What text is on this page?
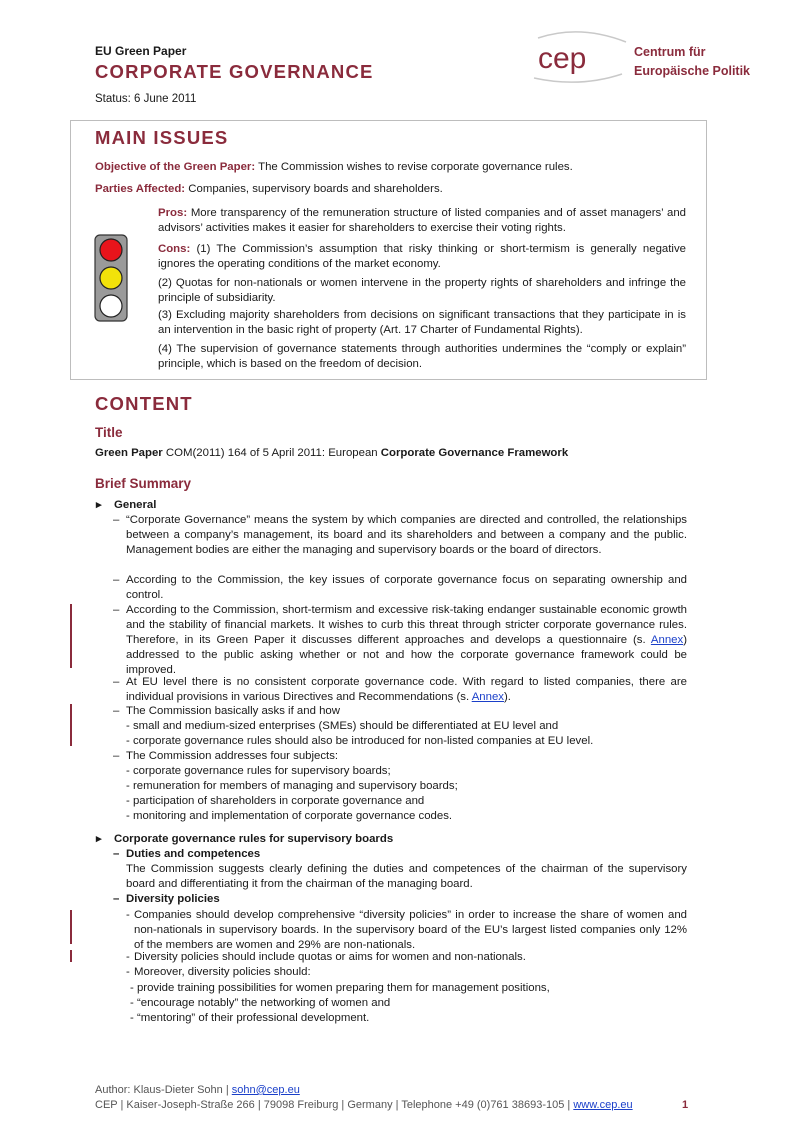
EU Green Paper
CORPORATE GOVERNANCE
Status: 6 June 2011
cep	Centrum für
Europäische Politik
MAIN ISSUES
Objective of the Green Paper: The Commission wishes to revise corporate governance rules.
Parties Affected: Companies, supervisory boards and shareholders.
Pros: More transparency of the remuneration structure of listed companies and of asset managers’ and advisors’ activities makes it easier for shareholders to exercise their voting rights.
Cons: (1) The Commission’s assumption that risky thinking or short-termism is generally negative ignores the operating conditions of the market economy.
(2) Quotas for non-nationals or women intervene in the property rights of shareholders and infringe the principle of subsidiarity.
(3) Excluding majority shareholders from decisions on significant transactions that they participate in is an intervention in the basic right of property (Art. 17 Charter of Fundamental Rights).
(4) The supervision of governance statements through authorities undermines the “comply or explain” principle, which is based on the freedom of decision.
CONTENT
Title
Green Paper COM(2011) 164 of 5 April 2011: European Corporate Governance Framework
Brief Summary
▸ General
– “Corporate Governance” means the system by which companies are directed and controlled, the relationships between a company’s management, its board and its shareholders and between a company and the public. Management bodies are either the managing and supervisory boards or the board of directors.
– According to the Commission, the key issues of corporate governance focus on separating ownership and control.
– According to the Commission, short-termism and excessive risk-taking endanger sustainable economic growth and the stability of financial markets. It wishes to curb this threat through stricter corporate governance rules. Therefore, in its Green Paper it discusses different approaches and develops a questionnaire (s. Annex) addressed to the public asking whether or not and how the corporate governance framework could be improved.
– At EU level there is no consistent corporate governance code. With regard to listed companies, there are individual provisions in various Directives and Recommendations (s. Annex).
– The Commission basically asks if and how
- small and medium-sized enterprises (SMEs) should be differentiated at EU level and
- corporate governance rules should also be introduced for non-listed companies at EU level.
– The Commission addresses four subjects:
- corporate governance rules for supervisory boards;
- remuneration for members of managing and supervisory boards;
- participation of shareholders in corporate governance and
- monitoring and implementation of corporate governance codes.
▸ Corporate governance rules for supervisory boards
– Duties and competences
The Commission suggests clearly defining the duties and competences of the chairman of the supervisory board and differentiating it from the chairman of the managing board.
– Diversity policies
- Companies should develop comprehensive “diversity policies” in order to increase the share of women and non-nationals in supervisory boards. In the supervisory board of the EU’s largest listed companies only 12% of the members are women and 29% are non-nationals.
- Diversity policies should include quotas or aims for women and non-nationals.
- Moreover, diversity policies should:
- provide training possibilities for women preparing them for management positions,
- “encourage notably” the networking of women and
- “mentoring” of their professional development.
Author: Klaus-Dieter Sohn | sohn@cep.eu
CEP | Kaiser-Joseph-Straße 266 | 79098 Freiburg | Germany | Telephone +49 (0)761 38693-105 | www.cep.eu	1
